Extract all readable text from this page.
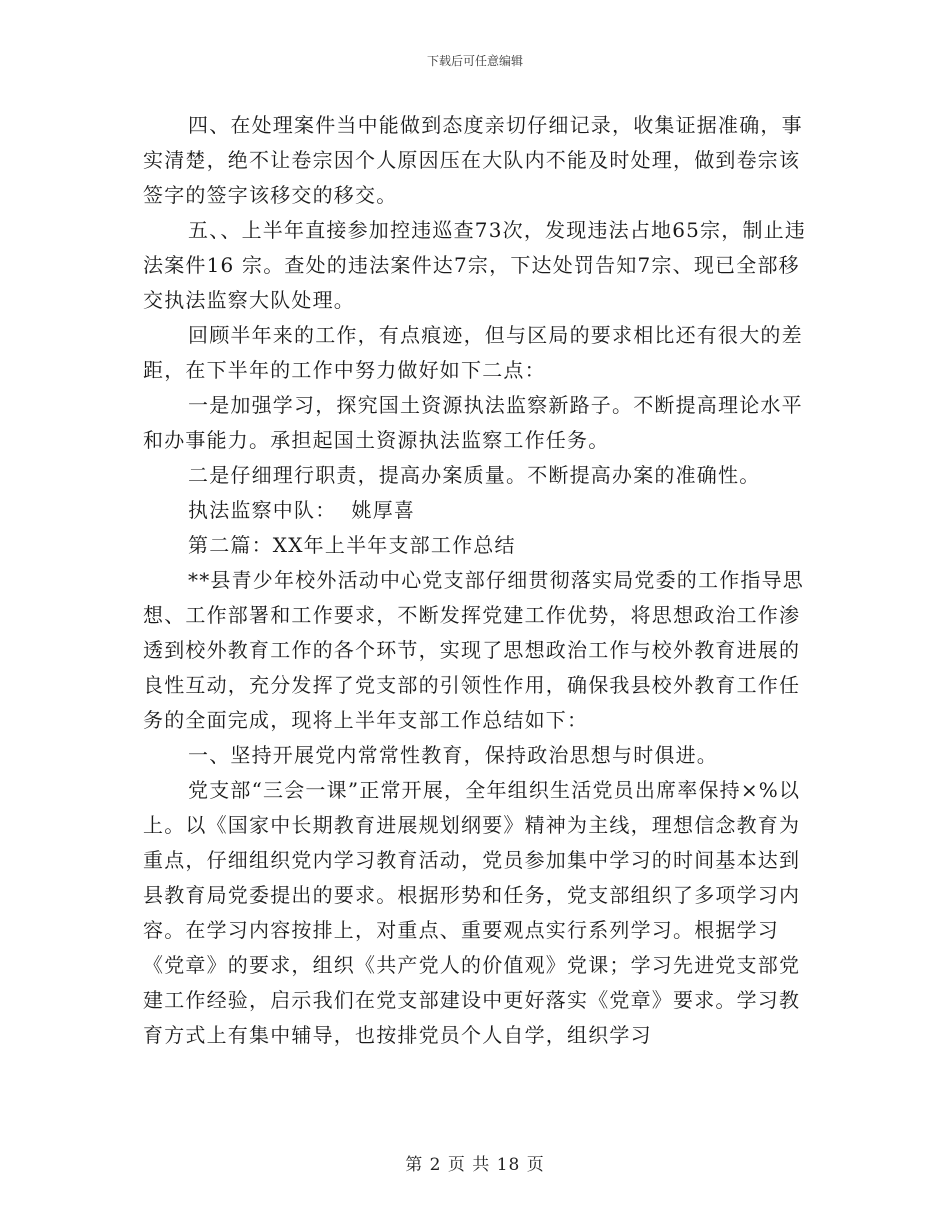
下载后可任意编辑

四、在处理案件当中能做到态度亲切仔细记录，收集证据准确，事实清楚，绝不让卷宗因个人原因压在大队内不能及时处理，做到卷宗该签字的签字该移交的移交。

五、、上半年直接参加控违巡查73次，发现违法占地65宗，制止违法案件16 宗。查处的违法案件达7宗，下达处罚告知7宗、现已全部移交执法监察大队处理。

回顾半年来的工作，有点痕迹，但与区局的要求相比还有很大的差距，在下半年的工作中努力做好如下二点：

一是加强学习，探究国土资源执法监察新路子。不断提高理论水平和办事能力。承担起国土资源执法监察工作任务。

二是仔细理行职责，提高办案质量。不断提高办案的准确性。

执法监察中队：  姚厚喜

第二篇：XX年上半年支部工作总结

**县青少年校外活动中心党支部仔细贯彻落实局党委的工作指导思想、工作部署和工作要求，不断发挥党建工作优势，将思想政治工作渗透到校外教育工作的各个环节，实现了思想政治工作与校外教育进展的良性互动，充分发挥了党支部的引领性作用，确保我县校外教育工作任务的全面完成，现将上半年支部工作总结如下：

一、坚持开展党内常常性教育，保持政治思想与时俱进。

党支部“三会一课”正常开展，全年组织生活党员出席率保持×%以上。以《国家中长期教育进展规划纲要》精神为主线，理想信念教育为重点，仔细组织党内学习教育活动，党员参加集中学习的时间基本达到县教育局党委提出的要求。根据形势和任务，党支部组织了多项学习内容。在学习内容按排上，对重点、重要观点实行系列学习。根据学习《党章》的要求，组织《共产党人的价值观》党课；学习先进党支部党建工作经验，启示我们在党支部建设中更好落实《党章》要求。学习教育方式上有集中辅导，也按排党员个人自学，组织学习

第 2 页 共 18 页
